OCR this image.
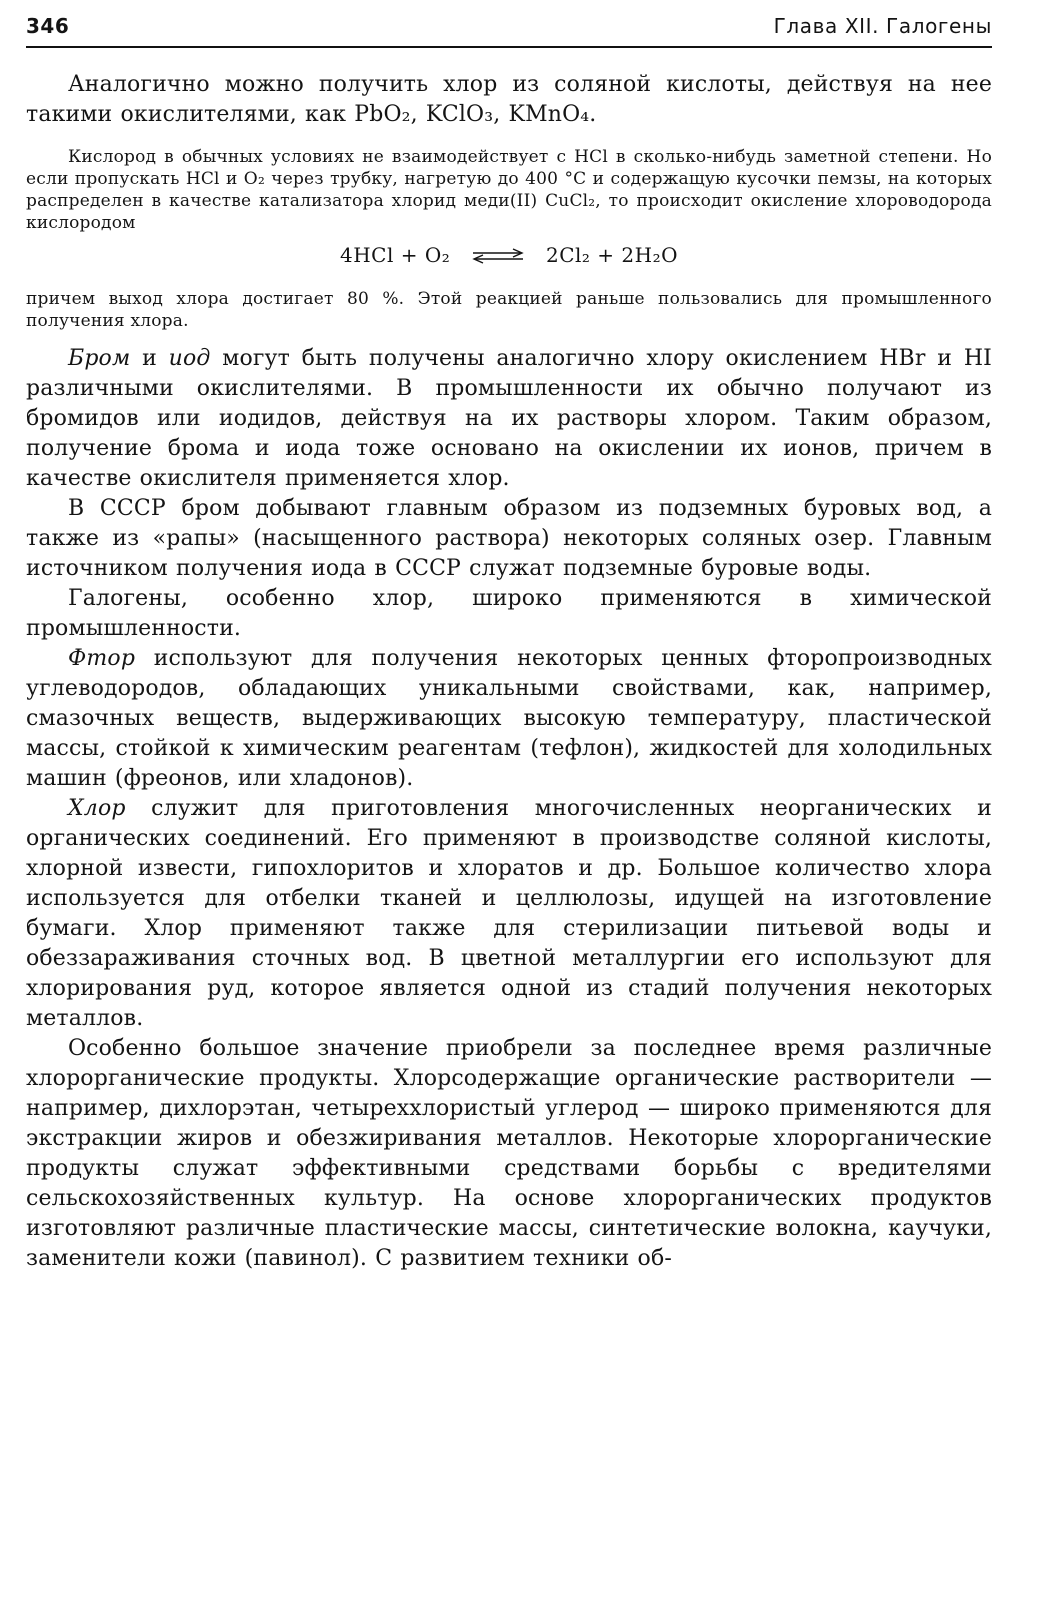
346	Глава XII. Галогены

Аналогично можно получить хлор из соляной кислоты, действуя на нее такими окислителями, как PbO₂, KClO₃, KMnO₄.

Кислород в обычных условиях не взаимодействует с HCl в сколько-нибудь заметной степени. Но если пропускать HCl и O₂ через трубку, нагретую до 400 °C и содержащую кусочки пемзы, на которых распределен в качестве катализатора хлорид меди(II) CuCl₂, то происходит окисление хлороводорода кислородом

4HCl + O₂ ⇌ 2Cl₂ + 2H₂O

причем выход хлора достигает 80 %. Этой реакцией раньше пользовались для промышленного получения хлора.

Бром и иод могут быть получены аналогично хлору окислением HBr и HI различными окислителями. В промышленности их обычно получают из бромидов или иодидов, действуя на их растворы хлором. Таким образом, получение брома и иода тоже основано на окислении их ионов, причем в качестве окислителя применяется хлор.

В СССР бром добывают главным образом из подземных буровых вод, а также из «рапы» (насыщенного раствора) некоторых соляных озер. Главным источником получения иода в СССР служат подземные буровые воды.

Галогены, особенно хлор, широко применяются в химической промышленности.

Фтор используют для получения некоторых ценных фторопроизводных углеводородов, обладающих уникальными свойствами, как, например, смазочных веществ, выдерживающих высокую температуру, пластической массы, стойкой к химическим реагентам (тефлон), жидкостей для холодильных машин (фреонов, или хладонов).

Хлор служит для приготовления многочисленных неорганических и органических соединений. Его применяют в производстве соляной кислоты, хлорной извести, гипохлоритов и хлоратов и др. Большое количество хлора используется для отбелки тканей и целлюлозы, идущей на изготовление бумаги. Хлор применяют также для стерилизации питьевой воды и обеззараживания сточных вод. В цветной металлургии его используют для хлорирования руд, которое является одной из стадий получения некоторых металлов.

Особенно большое значение приобрели за последнее время различные хлорорганические продукты. Хлорсодержащие органические растворители — например, дихлорэтан, четыреххлористый углерод — широко применяются для экстракции жиров и обезжиривания металлов. Некоторые хлорорганические продукты служат эффективными средствами борьбы с вредителями сельскохозяйственных культур. На основе хлорорганических продуктов изготовляют различные пластические массы, синтетические волокна, каучуки, заменители кожи (павинол). С развитием техники об-
